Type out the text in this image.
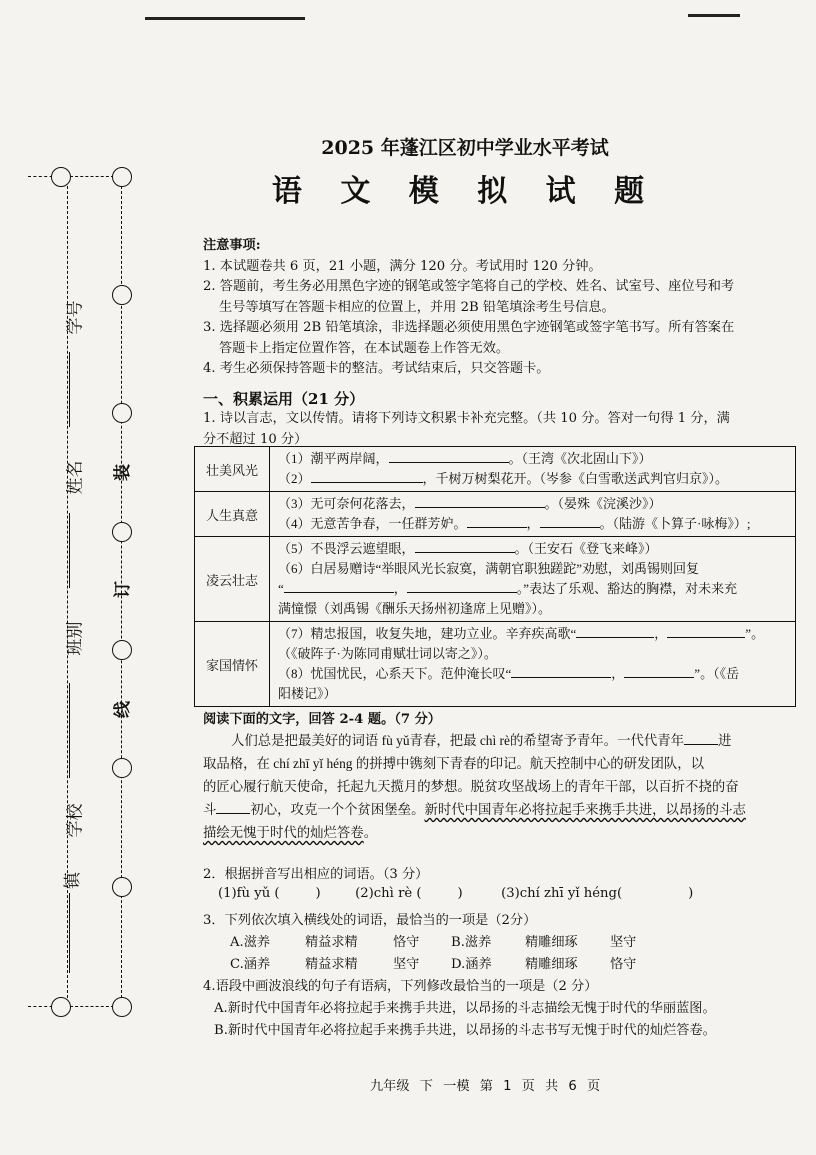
学号
姓名
班别
学校
镇
装
订
线
2025 年蓬江区初中学业水平考试
语 文 模 拟 试 题
注意事项:
1. 本试题卷共 6 页，21 小题，满分 120 分。考试用时 120 分钟。
2. 答题前，考生务必用黑色字迹的钢笔或签字笔将自己的学校、姓名、试室号、座位号和考
生号等填写在答题卡相应的位置上，并用 2B 铅笔填涂考生号信息。
3. 选择题必须用 2B 铅笔填涂，非选择题必须使用黑色字迹钢笔或签字笔书写。所有答案在
答题卡上指定位置作答，在本试题卷上作答无效。
4. 考生必须保持答题卡的整洁。考试结束后，只交答题卡。
一、积累运用（21 分）
1. 诗以言志，文以传情。请将下列诗文积累卡补充完整。（共 10 分。答对一句得 1 分，满
分不超过 10 分）
壮美风光	（1）潮平两岸阔， 。（王湾《次北固山下》）
（2） ，千树万树梨花开。（岑参《白雪歌送武判官归京》）。

人生真意	（3）无可奈何花落去， 。（晏殊《浣溪沙》）
（4）无意苦争春，一任群芳妒。 ， 。（陆游《卜算子·咏梅》）;

凌云壮志	（5）不畏浮云遮望眼， 。（王安石《登飞来峰》）
（6）白居易赠诗“举眼风光长寂寞，满朝官职独蹉跎”劝慰，刘禹锡则回复
“ ， 。”表达了乐观、豁达的胸襟，对未来充
满憧憬（刘禹锡《酬乐天扬州初逢席上见赠》）。

家国情怀	（7）精忠报国，收复失地，建功立业。辛弃疾高歌“ ， ”。
（《破阵子·为陈同甫赋壮词以寄之》）。
（8）忧国忧民，心系天下。范仲淹长叹“ ， ”。（《岳
阳楼记》）
阅读下面的文字，回答 2-4 题。（7 分）
人们总是把最美好的词语 fù yǔ青春，把最 chì rè的希望寄予青年。一代代青年	进
取品格，在 chí zhī yǐ héng 的拼搏中镌刻下青春的印记。航天控制中心的研发团队，以
的匠心履行航天使命，托起九天揽月的梦想。脱贫攻坚战场上的青年干部，以百折不挠的奋
斗	初心，攻克一个个贫困堡垒。新时代中国青年必将拉起手来携手共进，以昂扬的斗志
描绘无愧于时代的灿烂答卷。
2．根据拼音写出相应的词语。（3 分）
(1)fù yǔ (	)	(2)chì rè (	)	(3)chí zhī yǐ héng(	)
3．下列依次填入横线处的词语，最恰当的一项是（2分）
A.滋养	精益求精	恪守 B.滋养	精雕细琢 坚守
C.涵养	精益求精	坚守 D.涵养	精雕细琢 恪守
4.语段中画波浪线的句子有语病，下列修改最恰当的一项是（2 分）
A.新时代中国青年必将拉起手来携手共进，以昂扬的斗志描绘无愧于时代的华丽蓝图。
B.新时代中国青年必将拉起手来携手共进，以昂扬的斗志书写无愧于时代的灿烂答卷。
九年级 下 一模 第 1 页 共 6 页
